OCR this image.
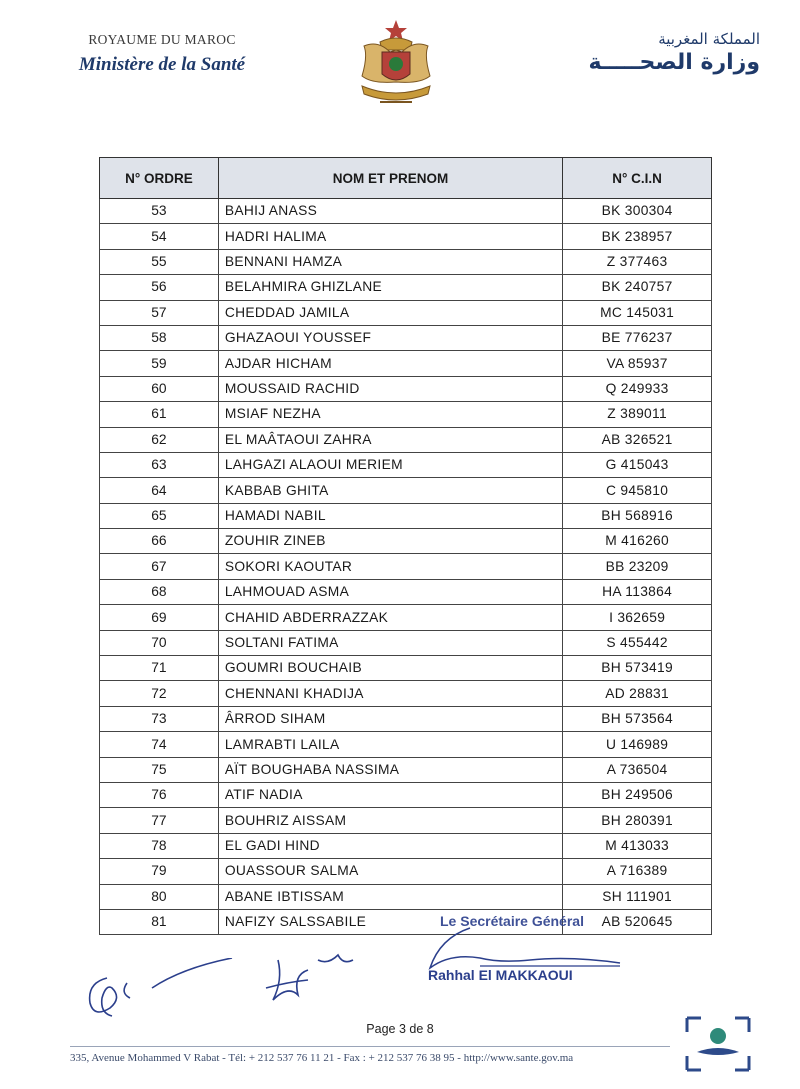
ROYAUME DU MAROC
Ministère de la Santé
المملكة المغربية
وزارة الصحـــــة
N° ORDRE	NOM ET PRENOM	N° C.I.N
53	BAHIJ ANASS	BK 300304
54	HADRI HALIMA	BK 238957
55	BENNANI HAMZA	Z 377463
56	BELAHMIRA GHIZLANE	BK 240757
57	CHEDDAD JAMILA	MC 145031
58	GHAZAOUI YOUSSEF	BE 776237
59	AJDAR HICHAM	VA 85937
60	MOUSSAID RACHID	Q 249933
61	MSIAF NEZHA	Z 389011
62	EL MAÂTAOUI ZAHRA	AB 326521
63	LAHGAZI ALAOUI MERIEM	G 415043
64	KABBAB GHITA	C 945810
65	HAMADI NABIL	BH 568916
66	ZOUHIR ZINEB	M 416260
67	SOKORI KAOUTAR	BB 23209
68	LAHMOUAD ASMA	HA 113864
69	CHAHID ABDERRAZZAK	I 362659
70	SOLTANI FATIMA	S 455442
71	GOUMRI BOUCHAIB	BH 573419
72	CHENNANI KHADIJA	AD 28831
73	ÂRROD SIHAM	BH 573564
74	LAMRABTI LAILA	U 146989
75	AÏT BOUGHABA NASSIMA	A 736504
76	ATIF NADIA	BH 249506
77	BOUHRIZ AISSAM	BH 280391
78	EL GADI HIND	M 413033
79	OUASSOUR SALMA	A 716389
80	ABANE IBTISSAM	SH 111901
81	NAFIZY SALSSABILE	AB 520645
Le Secrétaire Général
Rahhal El MAKKAOUI
Page 3 de 8
335, Avenue Mohammed V Rabat - Tél: + 212 537 76 11 21 - Fax : + 212 537 76 38 95 - http://www.sante.gov.ma
